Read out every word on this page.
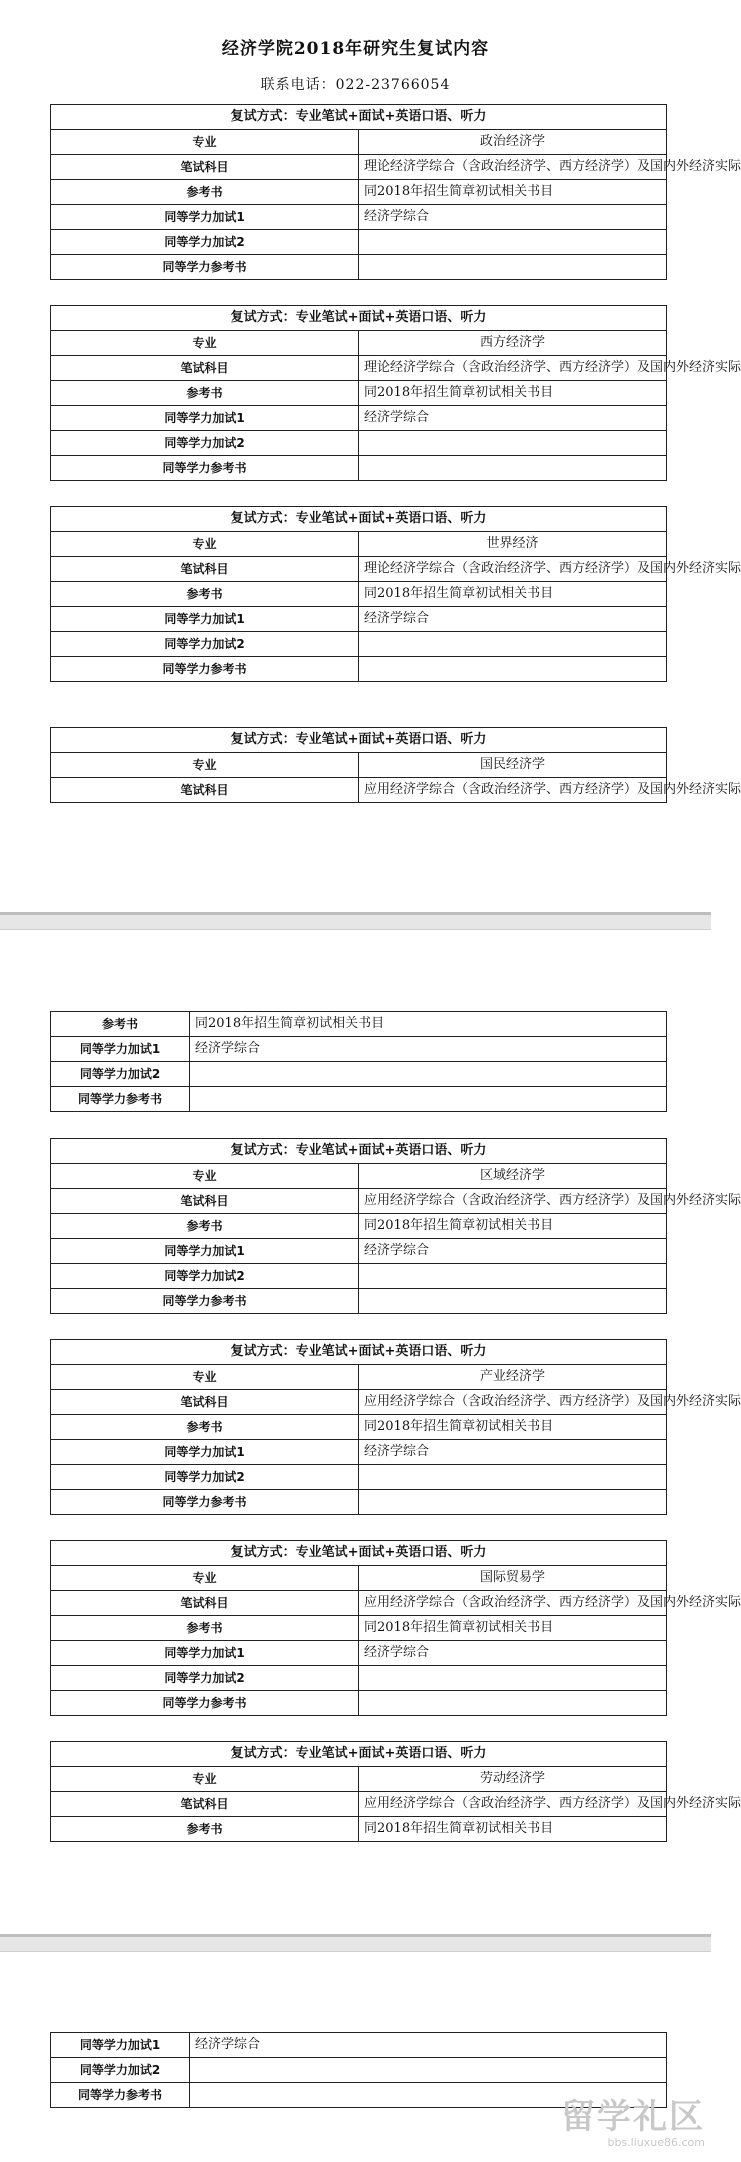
经济学院2018年研究生复试内容
联系电话：022-23766054
复试方式：专业笔试+面试+英语口语、听力	
专业	政治经济学
笔试科目	理论经济学综合（含政治经济学、西方经济学）及国内外经济实际
参考书	同2018年招生简章初试相关书目
同等学力加试1	经济学综合
同等学力加试2	
同等学力参考书	
复试方式：专业笔试+面试+英语口语、听力	
专业	西方经济学
笔试科目	理论经济学综合（含政治经济学、西方经济学）及国内外经济实际
参考书	同2018年招生简章初试相关书目
同等学力加试1	经济学综合
同等学力加试2	
同等学力参考书	
复试方式：专业笔试+面试+英语口语、听力	
专业	世界经济
笔试科目	理论经济学综合（含政治经济学、西方经济学）及国内外经济实际
参考书	同2018年招生简章初试相关书目
同等学力加试1	经济学综合
同等学力加试2	
同等学力参考书	
复试方式：专业笔试+面试+英语口语、听力	
专业	国民经济学
笔试科目	应用经济学综合（含政治经济学、西方经济学）及国内外经济实际
参考书	同2018年招生简章初试相关书目
同等学力加试1	经济学综合
同等学力加试2	
同等学力参考书	
复试方式：专业笔试+面试+英语口语、听力	
专业	区域经济学
笔试科目	应用经济学综合（含政治经济学、西方经济学）及国内外经济实际
参考书	同2018年招生简章初试相关书目
同等学力加试1	经济学综合
同等学力加试2	
同等学力参考书	
复试方式：专业笔试+面试+英语口语、听力	
专业	产业经济学
笔试科目	应用经济学综合（含政治经济学、西方经济学）及国内外经济实际
参考书	同2018年招生简章初试相关书目
同等学力加试1	经济学综合
同等学力加试2	
同等学力参考书	
复试方式：专业笔试+面试+英语口语、听力	
专业	国际贸易学
笔试科目	应用经济学综合（含政治经济学、西方经济学）及国内外经济实际
参考书	同2018年招生简章初试相关书目
同等学力加试1	经济学综合
同等学力加试2	
同等学力参考书	
复试方式：专业笔试+面试+英语口语、听力	
专业	劳动经济学
笔试科目	应用经济学综合（含政治经济学、西方经济学）及国内外经济实际
参考书	同2018年招生简章初试相关书目
同等学力加试1	经济学综合
同等学力加试2	
同等学力参考书	
留学礼区
bbs.liuxue86.com
